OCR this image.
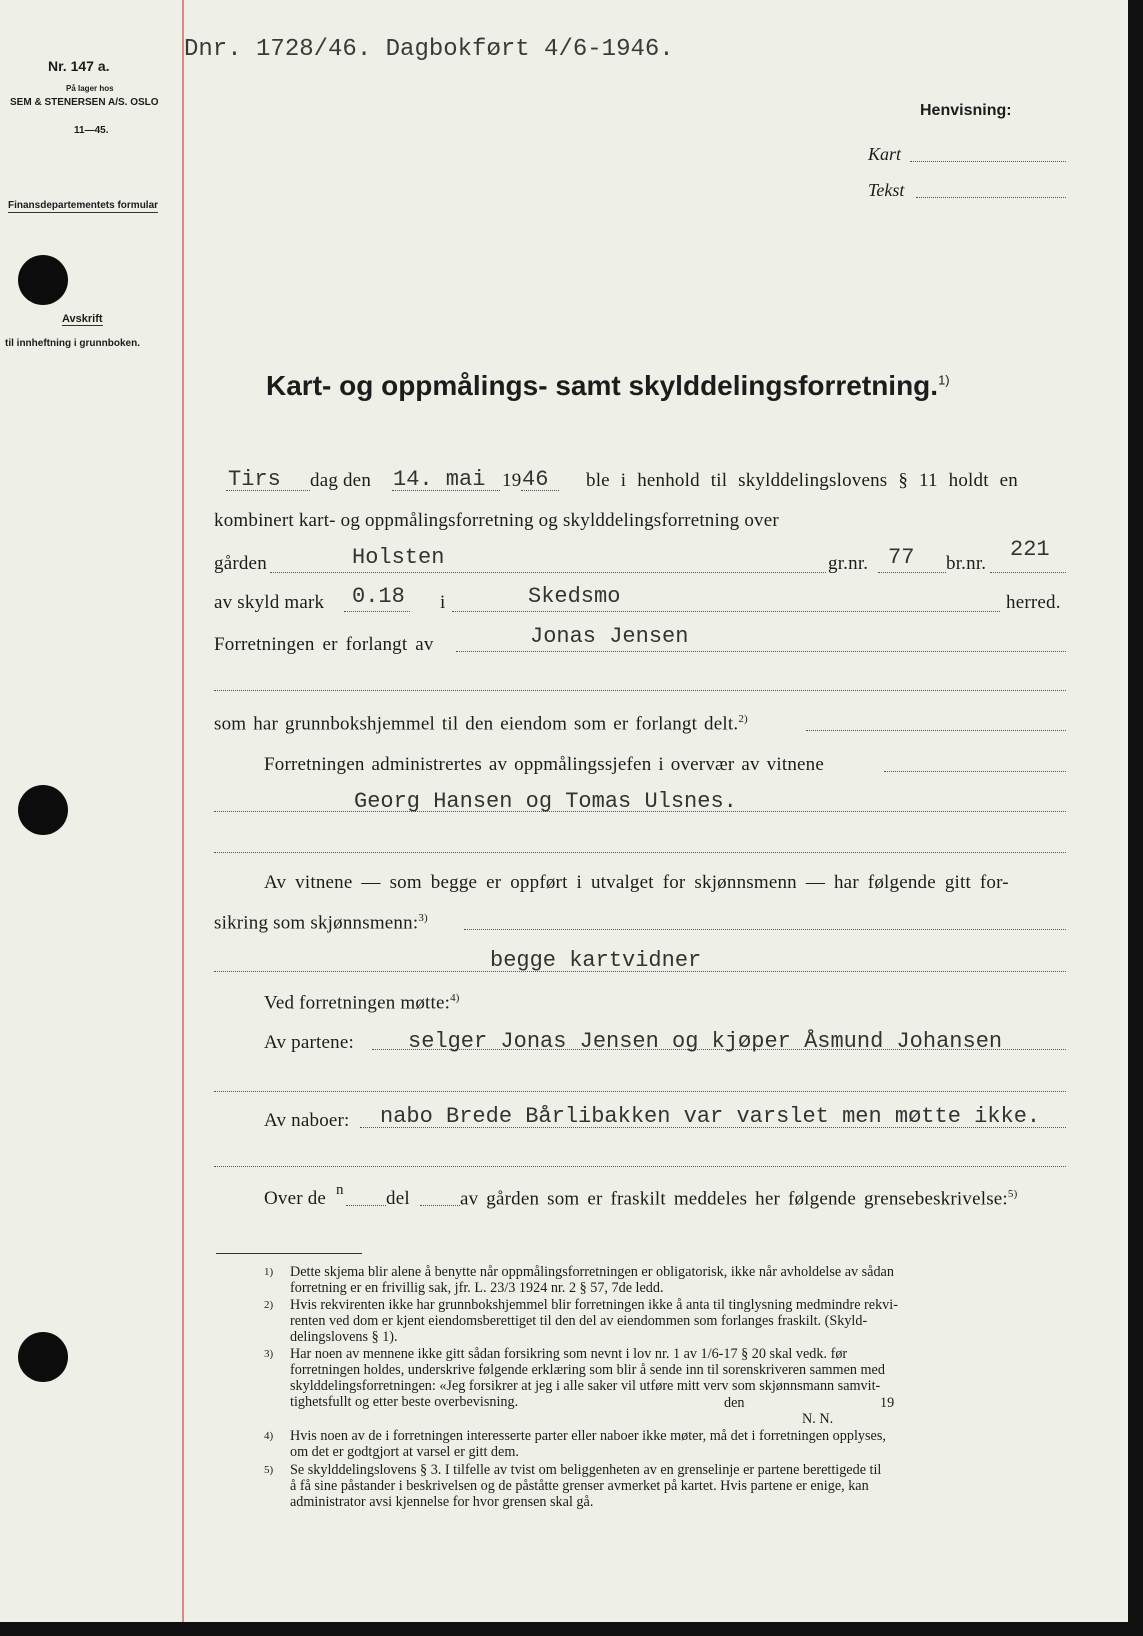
Nr. 147 a.
På lager hos
SEM & STENERSEN A/S. OSLO
11—45.
Finansdepartementets formular
Avskrift
til innheftning i grunnboken.
Dnr. 1728/46. Dagbokført 4/6-1946.
Henvisning:
Kart
Tekst
Kart- og oppmålings- samt skylddelingsforretning.$^{1)}$
Tirs dag den 14. mai 19 46 ble i henhold til skylddelingslovens § 11 holdt en
kombinert kart- og oppmålingsforretning og skylddelingsforretning over
gården	Holsten	gr.nr. 77 br.nr.
221
av skyld mark 0.18 i	Skedsmo	herred.
Forretningen er forlangt av	Jonas Jensen
som har grunnbokshjemmel til den eiendom som er forlangt delt.$^{2)}$
Forretningen administrertes av oppmålingssjefen i overvær av vitnene
Georg Hansen og Tomas Ulsnes.
Av vitnene — som begge er oppført i utvalget for skjønnsmenn — har følgende gitt for-
sikring som skjønnsmenn:$^{3)}$
begge kartvidner
Ved forretningen møtte:$^{4)}$
Av partene: selger Jonas Jensen og kjøper Åsmund Johansen
Av naboer: nabo Brede Bårlibakken var varslet men møtte ikke.
Over de n del	av gården som er fraskilt meddeles her følgende grensebeskrivelse:$^{5)}$
1) Dette skjema blir alene å benytte når oppmålingsforretningen er obligatorisk, ikke når avholdelse av sådan
forretning er en frivillig sak, jfr. L. 23/3 1924 nr. 2 § 57, 7de ledd.
2) Hvis rekvirenten ikke har grunnbokshjemmel blir forretningen ikke å anta til tinglysning medmindre rekvi-
renten ved dom er kjent eiendomsberettiget til den del av eiendommen som forlanges fraskilt. (Skyld-
delingslovens § 1).
3) Har noen av mennene ikke gitt sådan forsikring som nevnt i lov nr. 1 av 1/6-17 § 20 skal vedk. før
forretningen holdes, underskrive følgende erklæring som blir å sende inn til sorenskriveren sammen med
skylddelingsforretningen: «Jeg forsikrer at jeg i alle saker vil utføre mitt verv som skjønnsmann samvit-
tighetsfullt og etter beste overbevisning.	den	19
N. N.
4) Hvis noen av de i forretningen interesserte parter eller naboer ikke møter, må det i forretningen opplyses,
om det er godtgjort at varsel er gitt dem.
5) Se skylddelingslovens § 3. I tilfelle av tvist om beliggenheten av en grenselinje er partene berettigede til
å få sine påstander i beskrivelsen og de påståtte grenser avmerket på kartet. Hvis partene er enige, kan
administrator avsi kjennelse for hvor grensen skal gå.
